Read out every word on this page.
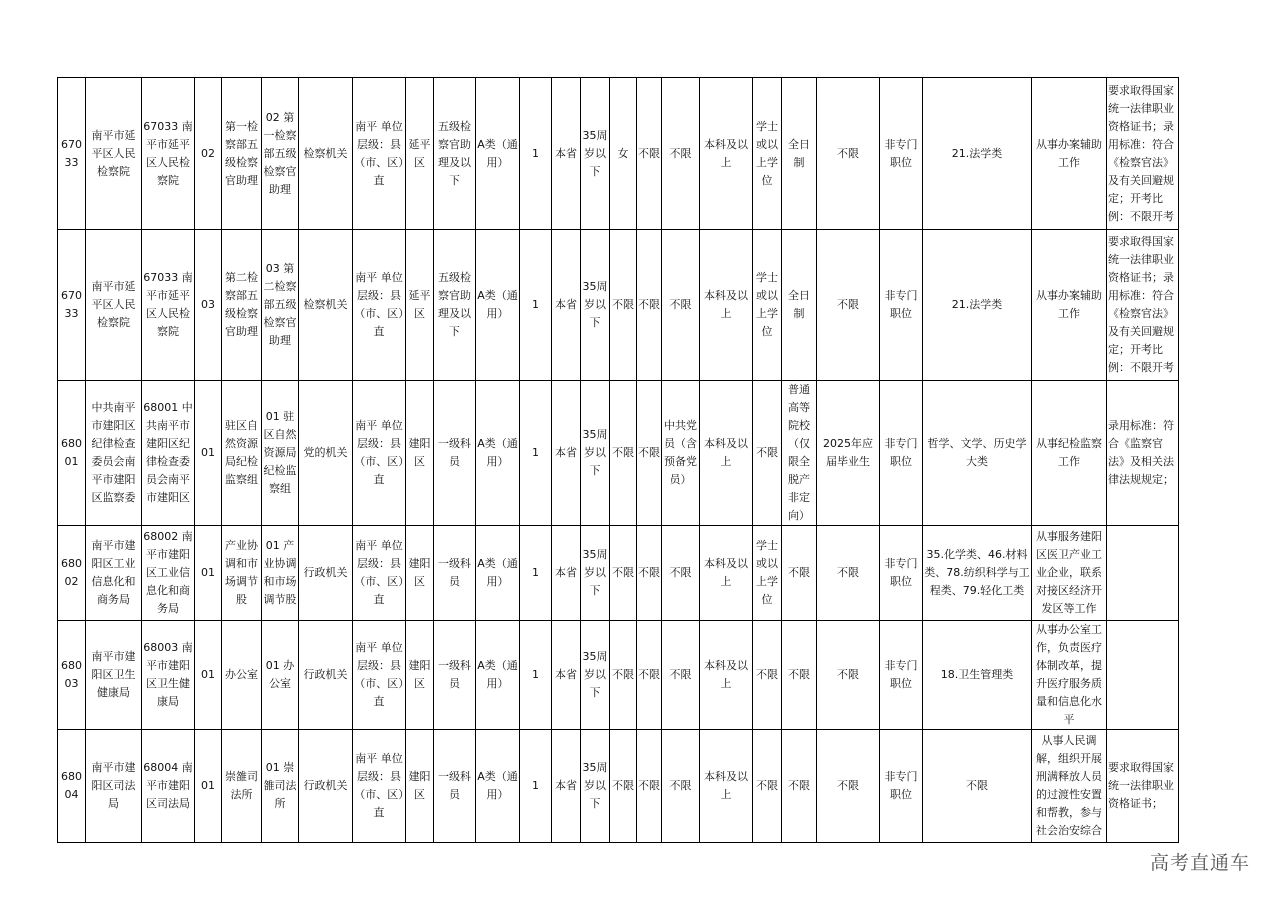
67033	南平市延平区人民检察院	67033 南平市延平区人民检察院	02	第一检察部五级检察官助理	02 第一检察部五级检察官助理	检察机关	南平 单位层级：县（市、区）直	延平区	五级检察官助理及以下	A类（通用）	1	本省	35周岁以下	女	不限	不限	本科及以上	学士或以上学位	全日制	不限	非专门职位	21.法学类	从事办案辅助工作	要求取得国家统一法律职业资格证书；录用标准：符合《检察官法》及有关回避规定；开考比例：不限开考
67033	南平市延平区人民检察院	67033 南平市延平区人民检察院	03	第二检察部五级检察官助理	03 第二检察部五级检察官助理	检察机关	南平 单位层级：县（市、区）直	延平区	五级检察官助理及以下	A类（通用）	1	本省	35周岁以下	不限	不限	不限	本科及以上	学士或以上学位	全日制	不限	非专门职位	21.法学类	从事办案辅助工作	要求取得国家统一法律职业资格证书；录用标准：符合《检察官法》及有关回避规定；开考比例：不限开考
68001	中共南平市建阳区纪律检查委员会南平市建阳区监察委	68001 中共南平市建阳区纪律检查委员会南平市建阳区	01	驻区自然资源局纪检监察组	01 驻区自然资源局纪检监察组	党的机关	南平 单位层级：县（市、区）直	建阳区	一级科员	A类（通用）	1	本省	35周岁以下	不限	不限	中共党员（含预备党员）	本科及以上	不限	普通高等院校（仅限全脱产非定向）	2025年应届毕业生	非专门职位	哲学、文学、历史学大类	从事纪检监察工作	录用标准：符合《监察官法》及相关法律法规规定；
68002	南平市建阳区工业信息化和商务局	68002 南平市建阳区工业信息化和商务局	01	产业协调和市场调节股	01 产业协调和市场调节股	行政机关	南平 单位层级：县（市、区）直	建阳区	一级科员	A类（通用）	1	本省	35周岁以下	不限	不限	不限	本科及以上	学士或以上学位	不限	不限	非专门职位	35.化学类、46.材料类、78.纺织科学与工程类、79.轻化工类	从事服务建阳区医卫产业工业企业，联系对接区经济开发区等工作	
68003	南平市建阳区卫生健康局	68003 南平市建阳区卫生健康局	01	办公室	01 办公室	行政机关	南平 单位层级：县（市、区）直	建阳区	一级科员	A类（通用）	1	本省	35周岁以下	不限	不限	不限	本科及以上	不限	不限	不限	非专门职位	18.卫生管理类	从事办公室工作，负责医疗体制改革，提升医疗服务质量和信息化水平	
68004	南平市建阳区司法局	68004 南平市建阳区司法局	01	崇雒司法所	01 崇雒司法所	行政机关	南平 单位层级：县（市、区）直	建阳区	一级科员	A类（通用）	1	本省	35周岁以下	不限	不限	不限	本科及以上	不限	不限	不限	非专门职位	不限	从事人民调解，组织开展刑满释放人员的过渡性安置和帮教，参与社会治安综合	要求取得国家统一法律职业资格证书；
高考直通车
